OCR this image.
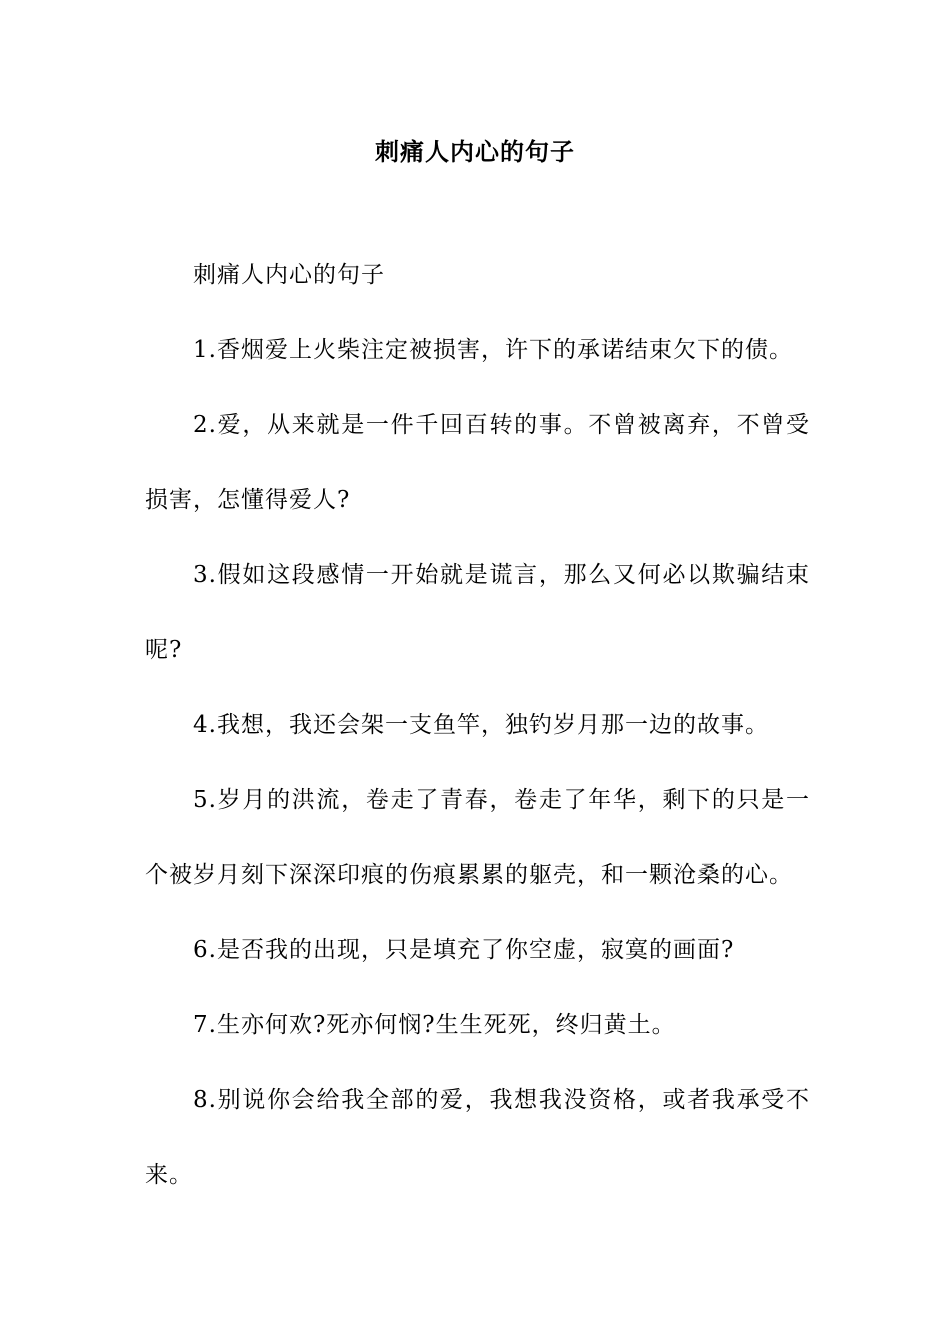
刺痛人内心的句子

刺痛人内心的句子

1.香烟爱上火柴注定被损害，许下的承诺结束欠下的债。

2.爱，从来就是一件千回百转的事。不曾被离弃，不曾受损害，怎懂得爱人?

3.假如这段感情一开始就是谎言，那么又何必以欺骗结束呢?

4.我想，我还会架一支鱼竿，独钓岁月那一边的故事。

5.岁月的洪流，卷走了青春，卷走了年华，剩下的只是一个被岁月刻下深深印痕的伤痕累累的躯壳，和一颗沧桑的心。

6.是否我的出现，只是填充了你空虚，寂寞的画面?

7.生亦何欢?死亦何悯?生生死死，终归黄土。

8.别说你会给我全部的爱，我想我没资格，或者我承受不来。
